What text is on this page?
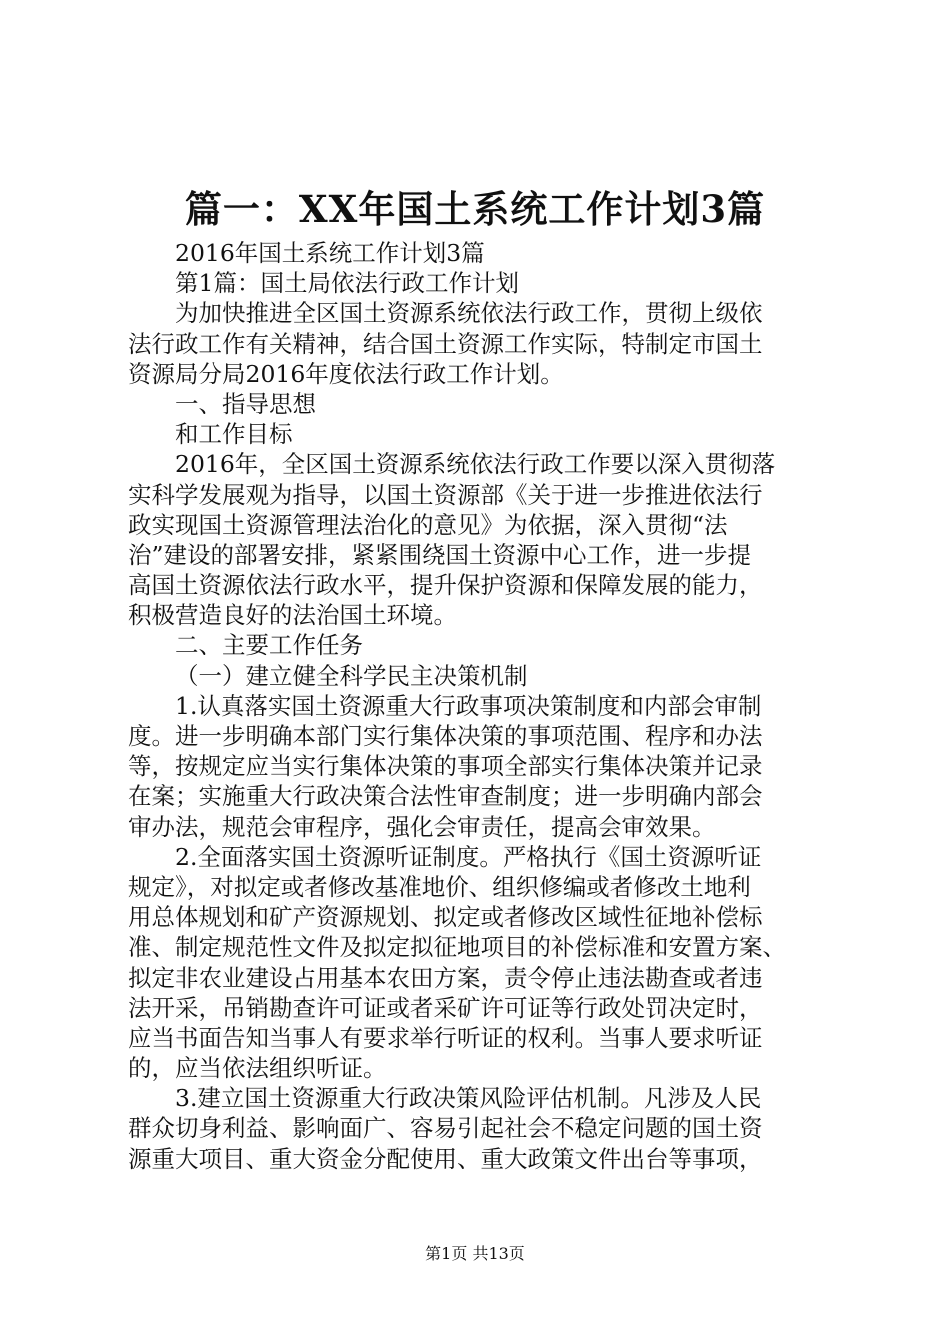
篇一：XX年国土系统工作计划3篇
2016年国土系统工作计划3篇
第1篇：国土局依法行政工作计划
为加快推进全区国土资源系统依法行政工作，贯彻上级依
法行政工作有关精神，结合国土资源工作实际，特制定市国土
资源局分局2016年度依法行政工作计划。
一、指导思想
和工作目标
2016年，全区国土资源系统依法行政工作要以深入贯彻落
实科学发展观为指导，以国土资源部《关于进一步推进依法行
政实现国土资源管理法治化的意见》为依据，深入贯彻“法
治”建设的部署安排，紧紧围绕国土资源中心工作，进一步提
高国土资源依法行政水平，提升保护资源和保障发展的能力，
积极营造良好的法治国土环境。
二、主要工作任务
（一）建立健全科学民主决策机制
1.认真落实国土资源重大行政事项决策制度和内部会审制
度。进一步明确本部门实行集体决策的事项范围、程序和办法
等，按规定应当实行集体决策的事项全部实行集体决策并记录
在案；实施重大行政决策合法性审查制度；进一步明确内部会
审办法，规范会审程序，强化会审责任，提高会审效果。
2.全面落实国土资源听证制度。严格执行《国土资源听证
规定》，对拟定或者修改基准地价、组织修编或者修改土地利
用总体规划和矿产资源规划、拟定或者修改区域性征地补偿标
准、制定规范性文件及拟定拟征地项目的补偿标准和安置方案、
拟定非农业建设占用基本农田方案，责令停止违法勘查或者违
法开采，吊销勘查许可证或者采矿许可证等行政处罚决定时，
应当书面告知当事人有要求举行听证的权利。当事人要求听证
的，应当依法组织听证。
3.建立国土资源重大行政决策风险评估机制。凡涉及人民
群众切身利益、影响面广、容易引起社会不稳定问题的国土资
源重大项目、重大资金分配使用、重大政策文件出台等事项，
第1页 共13页
